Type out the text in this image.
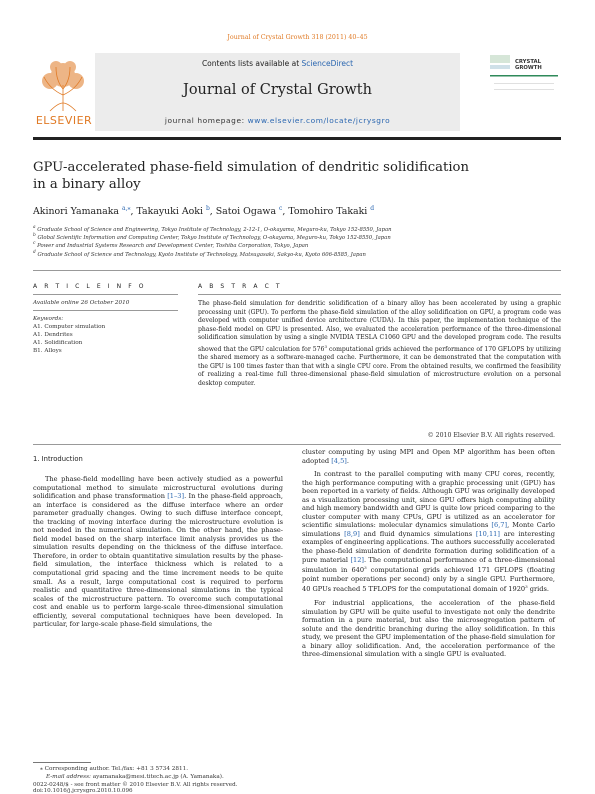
Journal of Crystal Growth 318 (2011) 40–45
ELSEVIER
Contents lists available at ScienceDirect
Journal of Crystal Growth
journal homepage: www.elsevier.com/locate/jcrysgro
CRYSTAL
GROWTH
GPU-accelerated phase-field simulation of dendritic solidification
in a binary alloy
Akinori Yamanaka $^{a,⁎}$, Takayuki Aoki $^b$, Satoi Ogawa $^c$, Tomohiro Takaki $^d$
$^a$ Graduate School of Science and Engineering, Tokyo Institute of Technology, 2-12-1, O-okayama, Meguro-ku, Tokyo 152-8550, Japan
$^b$ Global Scientific Information and Computing Center, Tokyo Institute of Technology, O-okayama, Meguro-ku, Tokyo 152-8550, Japan
$^c$ Power and Industrial Systems Research and Development Center, Toshiba Corporation, Tokyo, Japan
$^d$ Graduate School of Science and Technology, Kyoto Institute of Technology, Matsugasaki, Sakyo-ku, Kyoto 606-8585, Japan
A R T I C L E I N F O
Available online 26 October 2010
Keywords:
A1. Computer simulation
A1. Dendrites
A1. Solidification
B1. Alloys
A B S T R A C T
The phase-field simulation for dendritic solidification of a binary alloy has been accelerated by using a graphic processing unit (GPU). To perform the phase-field simulation of the alloy solidification on GPU, a program code was developed with computer unified device architecture (CUDA). In this paper, the implementation technique of the phase-field model on GPU is presented. Also, we evaluated the acceleration performance of the three-dimensional solidification simulation by using a single NVIDIA TESLA C1060 GPU and the developed program code. The results showed that the GPU calculation for $576^3$ computational grids achieved the performance of 170 GFLOPS by utilizing the shared memory as a software-managed cache. Furthermore, it can be demonstrated that the computation with the GPU is 100 times faster than that with a single CPU core. From the obtained results, we confirmed the feasibility of realizing a real-time full three-dimensional phase-field simulation of microstructure evolution on a personal desktop computer.
© 2010 Elsevier B.V. All rights reserved.
1. Introduction

The phase-field modelling have been actively studied as a powerful computational method to simulate microstructural evolutions during solidification and phase transformation [1–3]. In the phase-field approach, an interface is considered as the diffuse interface where an order parameter gradually changes. Owing to such diffuse interface concept, the tracking of moving interface during the microstructure evolution is not needed in the numerical simulation. On the other hand, the phase-field model based on the sharp interface limit analysis provides us the simulation results depending on the thickness of the diffuse interface. Therefore, in order to obtain quantitative simulation results by the phase-field simulation, the interface thickness which is related to a computational grid spacing and the time increment needs to be quite small. As a result, large computational cost is required to perform realistic and quantitative three-dimensional simulations in the typical scales of the microstructure pattern. To overcome such computational cost and enable us to perform large-scale three-dimensional simulation efficiently, several computational techniques have been developed. In particular, for large-scale phase-field simulations, the

cluster computing by using MPI and Open MP algorithm has been often adopted [4,5].

In contrast to the parallel computing with many CPU cores, recently, the high performance computing with a graphic processing unit (GPU) has been reported in a variety of fields. Although GPU was originally developed as a visualization processing unit, since GPU offers high computing ability and high memory bandwidth and GPU is quite low priced comparing to the cluster computer with many CPUs, GPU is utilized as an accelerator for scientific simulations: molecular dynamics simulations [6,7], Monte Carlo simulations [8,9] and fluid dynamics simulations [10,11] are interesting examples of engineering applications. The authors successfully accelerated the phase-field simulation of dendrite formation during solidification of a pure material [12]. The computational performance of a three-dimensional simulation in $640^3$ computational grids achieved 171 GFLOPS (floating point number operations per second) only by a single GPU. Furthermore, 40 GPUs reached 5 TFLOPS for the computational domain of 1920$^3$ grids.

For industrial applications, the acceleration of the phase-field simulation by GPU will be quite useful to investigate not only the dendrite formation in a pure material, but also the microsegregation pattern of solute and the dendritic branching during the alloy solidification. In this study, we present the GPU implementation of the phase-field simulation for a binary alloy solidification. And, the acceleration performance of the three-dimensional simulation with a single GPU is evaluated.

⁎ Corresponding author. Tel./fax: +81 3 5734 2811.
E-mail address: ayamanaka@mesi.titech.ac.jp (A. Yamanaka).
0022-0248/$ - see front matter © 2010 Elsevier B.V. All rights reserved.
doi:10.1016/j.jcrysgro.2010.10.096
